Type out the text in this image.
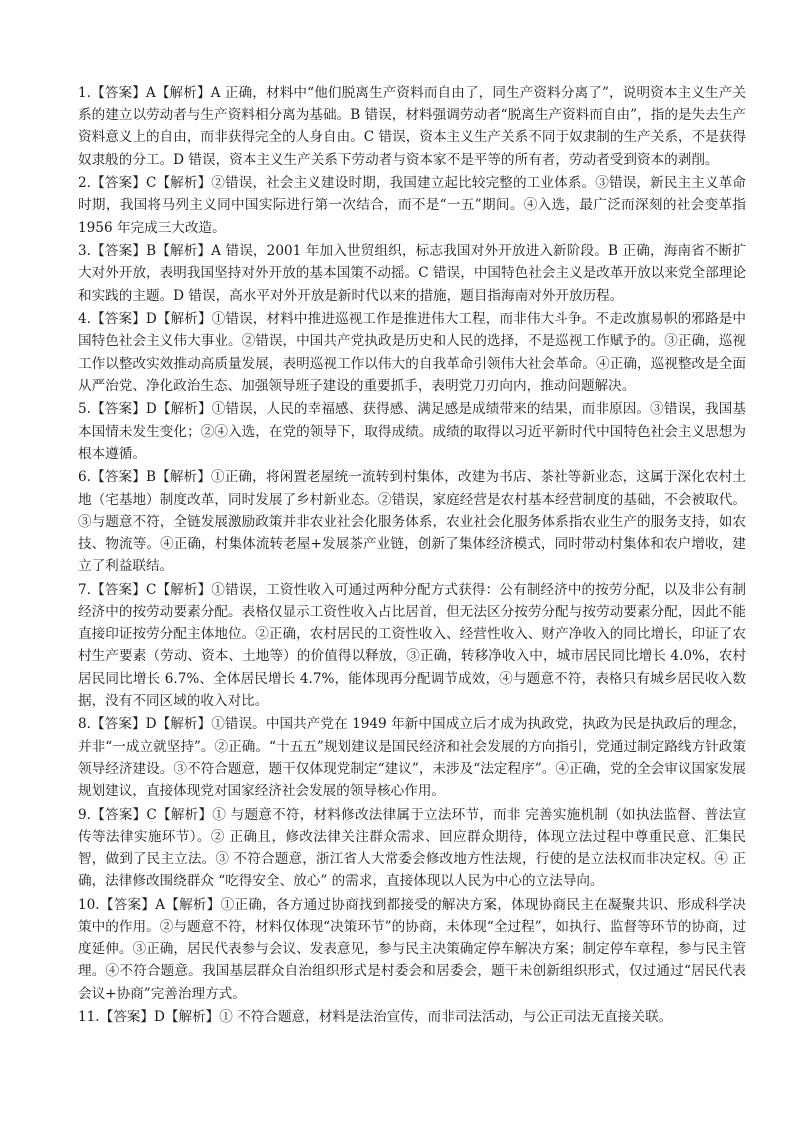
1.【答案】A【解析】A 正确，材料中“他们脱离生产资料而自由了，同生产资料分离了”，说明资本主义生产关系的建立以劳动者与生产资料相分离为基础。B 错误，材料强调劳动者“脱离生产资料而自由”，指的是失去生产资料意义上的自由，而非获得完全的人身自由。C 错误，资本主义生产关系不同于奴隶制的生产关系，不是获得奴隶般的分工。D 错误，资本主义生产关系下劳动者与资本家不是平等的所有者，劳动者受到资本的剥削。

2.【答案】C【解析】②错误，社会主义建设时期，我国建立起比较完整的工业体系。③错误，新民主主义革命时期，我国将马列主义同中国实际进行第一次结合，而不是“一五”期间。④入选，最广泛而深刻的社会变革指 1956 年完成三大改造。

3.【答案】B【解析】A 错误，2001 年加入世贸组织，标志我国对外开放进入新阶段。B 正确，海南省不断扩大对外开放，表明我国坚持对外开放的基本国策不动摇。C 错误，中国特色社会主义是改革开放以来党全部理论和实践的主题。D 错误，高水平对外开放是新时代以来的措施，题目指海南对外开放历程。

4.【答案】D【解析】①错误，材料中推进巡视工作是推进伟大工程，而非伟大斗争。不走改旗易帜的邪路是中国特色社会主义伟大事业。②错误，中国共产党执政是历史和人民的选择，不是巡视工作赋予的。③正确，巡视工作以整改实效推动高质量发展，表明巡视工作以伟大的自我革命引领伟大社会革命。④正确，巡视整改是全面从严治党、净化政治生态、加强领导班子建设的重要抓手，表明党刀刃向内，推动问题解决。

5.【答案】D【解析】①错误，人民的幸福感、获得感、满足感是成绩带来的结果，而非原因。③错误，我国基本国情未发生变化；②④入选，在党的领导下，取得成绩。成绩的取得以习近平新时代中国特色社会主义思想为根本遵循。

6.【答案】B【解析】①正确，将闲置老屋统一流转到村集体，改建为书店、茶社等新业态，这属于深化农村土地（宅基地）制度改革，同时发展了乡村新业态。②错误，家庭经营是农村基本经营制度的基础，不会被取代。③与题意不符，全链发展激励政策并非农业社会化服务体系，农业社会化服务体系指农业生产的服务支持，如农技、物流等。④正确，村集体流转老屋+发展茶产业链，创新了集体经济模式，同时带动村集体和农户增收，建立了利益联结。

7.【答案】C【解析】①错误，工资性收入可通过两种分配方式获得：公有制经济中的按劳分配，以及非公有制经济中的按劳动要素分配。表格仅显示工资性收入占比居首，但无法区分按劳分配与按劳动要素分配，因此不能直接印证按劳分配主体地位。②正确，农村居民的工资性收入、经营性收入、财产净收入的同比增长，印证了农村生产要素（劳动、资本、土地等）的价值得以释放，③正确，转移净收入中，城市居民同比增长 4.0%，农村居民同比增长 6.7%、全体居民增长 4.7%，能体现再分配调节成效，④与题意不符，表格只有城乡居民收入数据，没有不同区域的收入对比。

8.【答案】D【解析】①错误。中国共产党在 1949 年新中国成立后才成为执政党，执政为民是执政后的理念，并非“一成立就坚持”。②正确。“十五五”规划建议是国民经济和社会发展的方向指引，党通过制定路线方针政策领导经济建设。③不符合题意，题干仅体现党制定“建议”，未涉及“法定程序”。④正确，党的全会审议国家发展规划建议，直接体现党对国家经济社会发展的领导核心作用。

9.【答案】C【解析】① 与题意不符，材料修改法律属于立法环节，而非 完善实施机制（如执法监督、普法宣传等法律实施环节）。② 正确且，修改法律关注群众需求、回应群众期待，体现立法过程中尊重民意、汇集民智，做到了民主立法。③ 不符合题意，浙江省人大常委会修改地方性法规，行使的是立法权而非决定权。④ 正确，法律修改围绕群众 “吃得安全、放心” 的需求，直接体现以人民为中心的立法导向。

10.【答案】A【解析】①正确，各方通过协商找到都接受的解决方案，体现协商民主在凝聚共识、形成科学决策中的作用。②与题意不符，材料仅体现“决策环节”的协商，未体现“全过程”，如执行、监督等环节的协商，过度延伸。③正确，居民代表参与会议、发表意见，参与民主决策确定停车解决方案；制定停车章程，参与民主管理。④不符合题意。我国基层群众自治组织形式是村委会和居委会，题干未创新组织形式，仅过通过“居民代表会议+协商”完善治理方式。

11.【答案】D【解析】① 不符合题意，材料是法治宣传，而非司法活动，与公正司法无直接关联。
